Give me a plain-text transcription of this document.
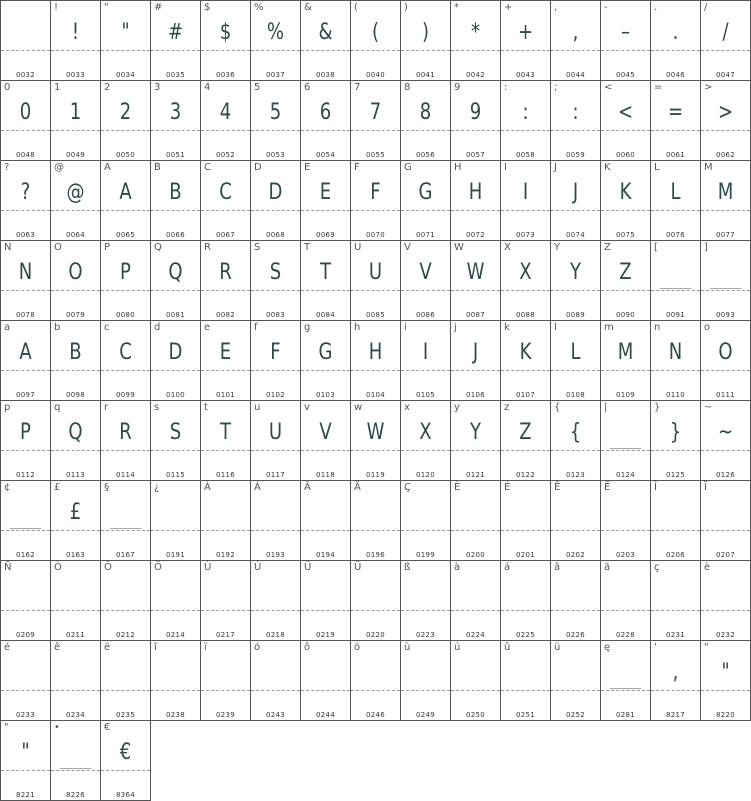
0032
!
!
0033
"
"
0034
#
#
0035
$
$
0036
%
%
0037
&
&
0038
(
(
0040
)
)
0041
*
*
0042
+
+
0043
,
,
0044
-
–
0045
.
.
0046
/
/
0047
0
0
0048
1
1
0049
2
2
0050
3
3
0051
4
4
0052
5
5
0053
6
6
0054
7
7
0055
8
8
0056
9
9
0057
:
:
0058
;
:
0059
<
<
0060
=
=
0061
>
>
0062
?
?
0063
@
@
0064
A
A
0065
B
B
0066
C
C
0067
D
D
0068
E
E
0069
F
F
0070
G
G
0071
H
H
0072
I
I
0073
J
J
0074
K
K
0075
L
L
0076
M
M
0077
N
N
0078
O
O
0079
P
P
0080
Q
Q
0081
R
R
0082
S
S
0083
T
T
0084
U
U
0085
V
V
0086
W
W
0087
X
X
0088
Y
Y
0089
Z
Z
0090
[
0091
]
0093
a
A
0097
b
B
0098
c
C
0099
d
D
0100
e
E
0101
f
F
0102
g
G
0103
h
H
0104
i
I
0105
j
J
0106
k
K
0107
l
L
0108
m
M
0109
n
N
0110
o
O
0111
p
P
0112
q
Q
0113
r
R
0114
s
S
0115
t
T
0116
u
U
0117
v
V
0118
w
W
0119
x
X
0120
y
Y
0121
z
Z
0122
{
{
0123
|
0124
}
}
0125
~
~
0126
¢
0162
£
£
0163
§
0167
¿
0191
À
0192
Á
0193
Â
0194
Ä
0196
Ç
0199
È
0200
É
0201
Ê
0202
Ë
0203
Î
0206
Ï
0207
Ñ
0209
Ó
0211
Ô
0212
Ö
0214
Ù
0217
Ú
0218
Û
0219
Ü
0220
ß
0223
à
0224
á
0225
â
0226
ä
0228
ç
0231
è
0232
é
0233
ê
0234
ë
0235
î
0238
ï
0239
ó
0243
ô
0244
ö
0246
ù
0249
ú
0250
û
0251
ü
0252
ę
0281
'
,
8217
"
"
8220
"
"
8221
•
8226
€
€
8364
